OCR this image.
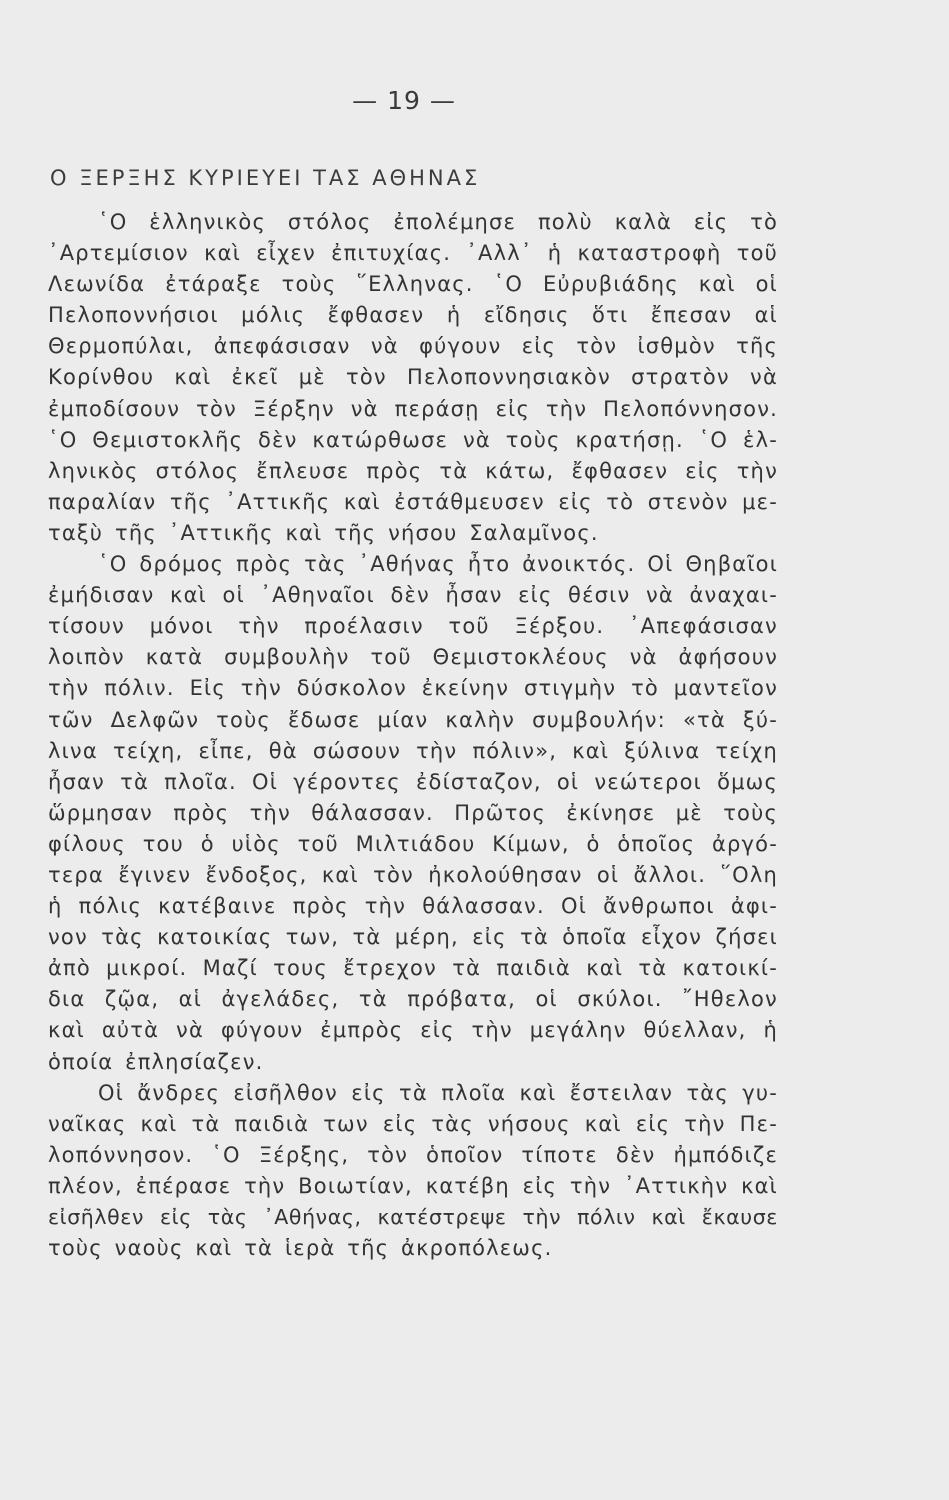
— 19 —
Ο ΞΕΡΞΗΣ ΚΥΡΙΕΥΕΙ ΤΑΣ ΑΘΗΝΑΣ
῾Ο ἑλληνικὸς στόλος ἐπολέμησε πολὺ καλὰ εἰς τὸ
᾿Αρτεμίσιον καὶ εἶχεν ἐπιτυχίας. ᾿Αλλ᾿ ἡ καταστροφὴ τοῦ
Λεωνίδα ἐτάραξε τοὺς ῞Ελληνας. ῾Ο Εὐρυβιάδης καὶ οἱ
Πελοποννήσιοι μόλις ἔφθασεν ἡ εἴδησις ὅτι ἔπεσαν αἱ
Θερμοπύλαι, ἀπεφάσισαν νὰ φύγουν εἰς τὸν ἰσθμὸν τῆς
Κορίνθου καὶ ἐκεῖ μὲ τὸν Πελοποννησιακὸν στρατὸν νὰ
ἐμποδίσουν τὸν Ξέρξην νὰ περάσῃ εἰς τὴν Πελοπόννησον.
῾Ο Θεμιστοκλῆς δὲν κατώρθωσε νὰ τοὺς κρατήσῃ. ῾Ο ἑλ-
ληνικὸς στόλος ἔπλευσε πρὸς τὰ κάτω, ἔφθασεν εἰς τὴν
παραλίαν τῆς ᾿Αττικῆς καὶ ἐστάθμευσεν εἰς τὸ στενὸν με-
ταξὺ τῆς ᾿Αττικῆς καὶ τῆς νήσου Σαλαμῖνος.
῾Ο δρόμος πρὸς τὰς ᾿Αθήνας ἦτο ἀνοικτός. Οἱ Θηβαῖοι
ἐμήδισαν καὶ οἱ ᾿Αθηναῖοι δὲν ἦσαν εἰς θέσιν νὰ ἀναχαι-
τίσουν μόνοι τὴν προέλασιν τοῦ Ξέρξου. ᾿Απεφάσισαν
λοιπὸν κατὰ συμβουλὴν τοῦ Θεμιστοκλέους νὰ ἀφήσουν
τὴν πόλιν. Εἰς τὴν δύσκολον ἐκείνην στιγμὴν τὸ μαντεῖον
τῶν Δελφῶν τοὺς ἔδωσε μίαν καλὴν συμβουλήν: «τὰ ξύ-
λινα τείχη, εἶπε, θὰ σώσουν τὴν πόλιν», καὶ ξύλινα τείχη
ἦσαν τὰ πλοῖα. Οἱ γέροντες ἐδίσταζον, οἱ νεώτεροι ὅμως
ὥρμησαν πρὸς τὴν θάλασσαν. Πρῶτος ἐκίνησε μὲ τοὺς
φίλους του ὁ υἱὸς τοῦ Μιλτιάδου Κίμων, ὁ ὁποῖος ἀργό-
τερα ἔγινεν ἔνδοξος, καὶ τὸν ἠκολούθησαν οἱ ἄλλοι. ῞Ολη
ἡ πόλις κατέβαινε πρὸς τὴν θάλασσαν. Οἱ ἄνθρωποι ἀφι-
νον τὰς κατοικίας των, τὰ μέρη, εἰς τὰ ὁποῖα εἶχον ζήσει
ἀπὸ μικροί. Μαζί τους ἔτρεχον τὰ παιδιὰ καὶ τὰ κατοικί-
δια ζῷα, αἱ ἀγελάδες, τὰ πρόβατα, οἱ σκύλοι. ῎Ηθελον
καὶ αὐτὰ νὰ φύγουν ἐμπρὸς εἰς τὴν μεγάλην θύελλαν, ἡ
ὁποία ἐπλησίαζεν.
Οἱ ἄνδρες εἰσῆλθον εἰς τὰ πλοῖα καὶ ἔστειλαν τὰς γυ-
ναῖκας καὶ τὰ παιδιὰ των εἰς τὰς νήσους καὶ εἰς τὴν Πε-
λοπόννησον. ῾Ο Ξέρξης, τὸν ὁποῖον τίποτε δὲν ἠμπόδιζε
πλέον, ἐπέρασε τὴν Βοιωτίαν, κατέβη εἰς τὴν ᾿Αττικὴν καὶ
εἰσῆλθεν εἰς τὰς ᾿Αθήνας, κατέστρεψε τὴν πόλιν καὶ ἔκαυσε
τοὺς ναοὺς καὶ τὰ ἱερὰ τῆς ἀκροπόλεως.
